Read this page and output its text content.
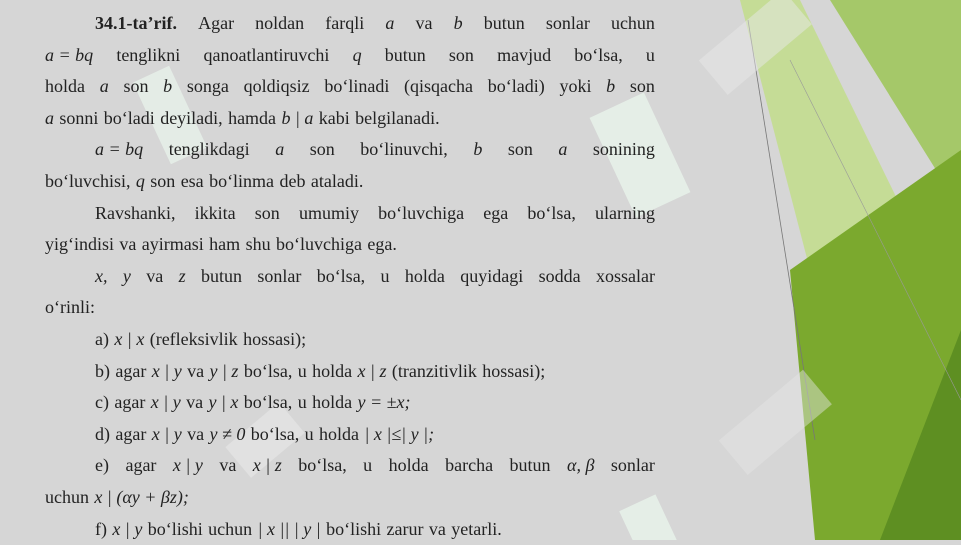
34.1-ta’rif. Agar noldan farqli a va b butun sonlar uchun
a = bq tenglikni qanoatlantiruvchi q butun son mavjud bo‘lsa, u
holda a son b songa qoldiqsiz bo‘linadi (qisqacha bo‘ladi) yoki b son
a sonni bo‘ladi deyiladi, hamda b | a kabi belgilanadi.
a = bq tenglikdagi a son bo‘linuvchi, b son a sonining
bo‘luvchisi, q son esa bo‘linma deb ataladi.
Ravshanki, ikkita son umumiy bo‘luvchiga ega bo‘lsa, ularning
yig‘indisi va ayirmasi ham shu bo‘luvchiga ega.
x, y va z butun sonlar bo‘lsa, u holda quyidagi sodda xossalar
o‘rinli:
a) x | x (refleksivlik hossasi);
b) agar x | y va y | z bo‘lsa, u holda x | z (tranzitivlik hossasi);
c) agar x | y va y | x bo‘lsa, u holda y = ±x;
d) agar x | y va y ≠ 0 bo‘lsa, u holda | x |≤| y |;
e) agar x | y va x | z bo‘lsa, u holda barcha butun α, β sonlar
uchun x | (αy + βz);
f) x | y bo‘lishi uchun | x || | y | bo‘lishi zarur va yetarli.
